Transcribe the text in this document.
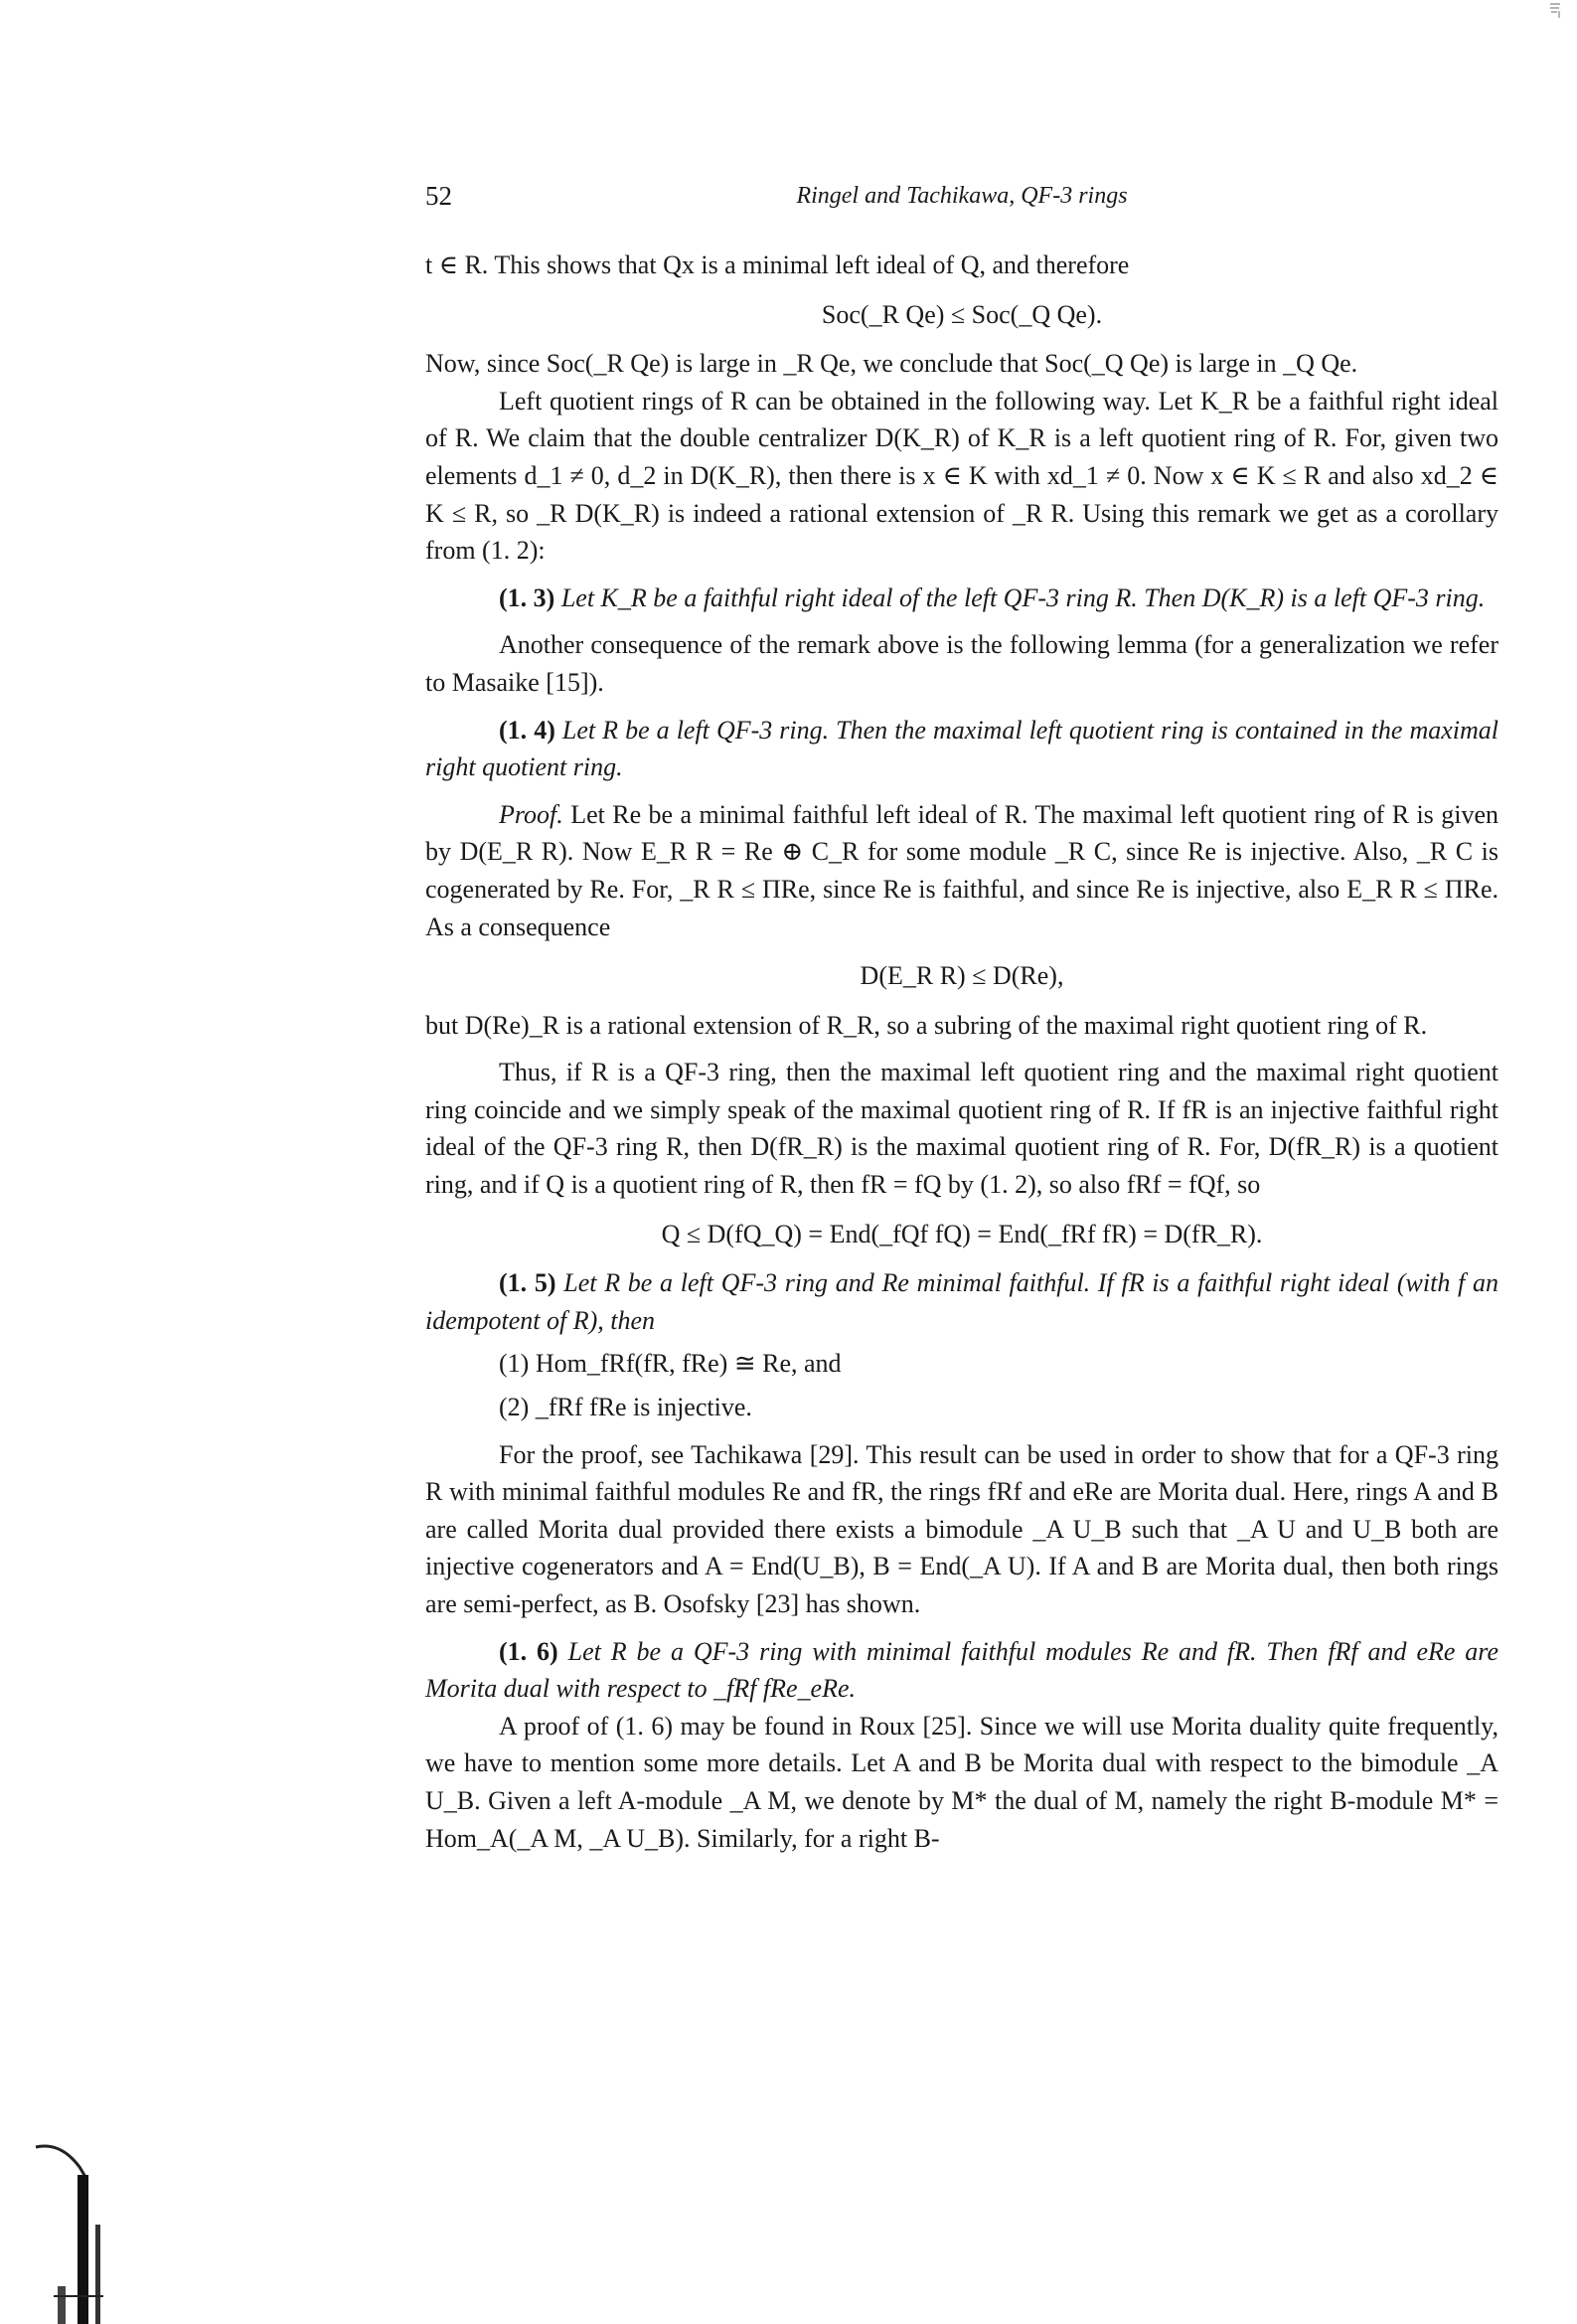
52	Ringel and Tachikawa, QF-3 rings

t ∈ R. This shows that Qx is a minimal left ideal of Q, and therefore

Soc(_R Qe) ≤ Soc(_Q Qe).

Now, since Soc(_R Qe) is large in _R Qe, we conclude that Soc(_Q Qe) is large in _Q Qe.

Left quotient rings of R can be obtained in the following way. Let K_R be a faithful right ideal of R. We claim that the double centralizer D(K_R) of K_R is a left quotient ring of R. For, given two elements d_1 ≠ 0, d_2 in D(K_R), then there is x ∈ K with xd_1 ≠ 0. Now x ∈ K ≤ R and also xd_2 ∈ K ≤ R, so _R D(K_R) is indeed a rational extension of _R R. Using this remark we get as a corollary from (1. 2):

(1. 3) Let K_R be a faithful right ideal of the left QF-3 ring R. Then D(K_R) is a left QF-3 ring.

Another consequence of the remark above is the following lemma (for a generalization we refer to Masaike [15]).

(1. 4) Let R be a left QF-3 ring. Then the maximal left quotient ring is contained in the maximal right quotient ring.

Proof. Let Re be a minimal faithful left ideal of R. The maximal left quotient ring of R is given by D(E_R R). Now E_R R = Re ⊕ C_R for some module _R C, since Re is injective. Also, _R C is cogenerated by Re. For, _R R ≤ ΠRe, since Re is faithful, and since Re is injective, also E_R R ≤ ΠRe. As a consequence

D(E_R R) ≤ D(Re),

but D(Re)_R is a rational extension of R_R, so a subring of the maximal right quotient ring of R.

Thus, if R is a QF-3 ring, then the maximal left quotient ring and the maximal right quotient ring coincide and we simply speak of the maximal quotient ring of R. If fR is an injective faithful right ideal of the QF-3 ring R, then D(fR_R) is the maximal quotient ring of R. For, D(fR_R) is a quotient ring, and if Q is a quotient ring of R, then fR = fQ by (1. 2), so also fRf = fQf, so

Q ≤ D(fQ_Q) = End(_fQf fQ) = End(_fRf fR) = D(fR_R).

(1. 5) Let R be a left QF-3 ring and Re minimal faithful. If fR is a faithful right ideal (with f an idempotent of R), then

(1) Hom_fRf(fR, fRe) ≅ Re, and

(2) _fRf fRe is injective.

For the proof, see Tachikawa [29]. This result can be used in order to show that for a QF-3 ring R with minimal faithful modules Re and fR, the rings fRf and eRe are Morita dual. Here, rings A and B are called Morita dual provided there exists a bimodule _A U_B such that _A U and U_B both are injective cogenerators and A = End(U_B), B = End(_A U). If A and B are Morita dual, then both rings are semi-perfect, as B. Osofsky [23] has shown.

(1. 6) Let R be a QF-3 ring with minimal faithful modules Re and fR. Then fRf and eRe are Morita dual with respect to _fRf fRe_eRe.

A proof of (1. 6) may be found in Roux [25]. Since we will use Morita duality quite frequently, we have to mention some more details. Let A and B be Morita dual with respect to the bimodule _A U_B. Given a left A-module _A M, we denote by M* the dual of M, namely the right B-module M* = Hom_A(_A M, _A U_B). Similarly, for a right B-
